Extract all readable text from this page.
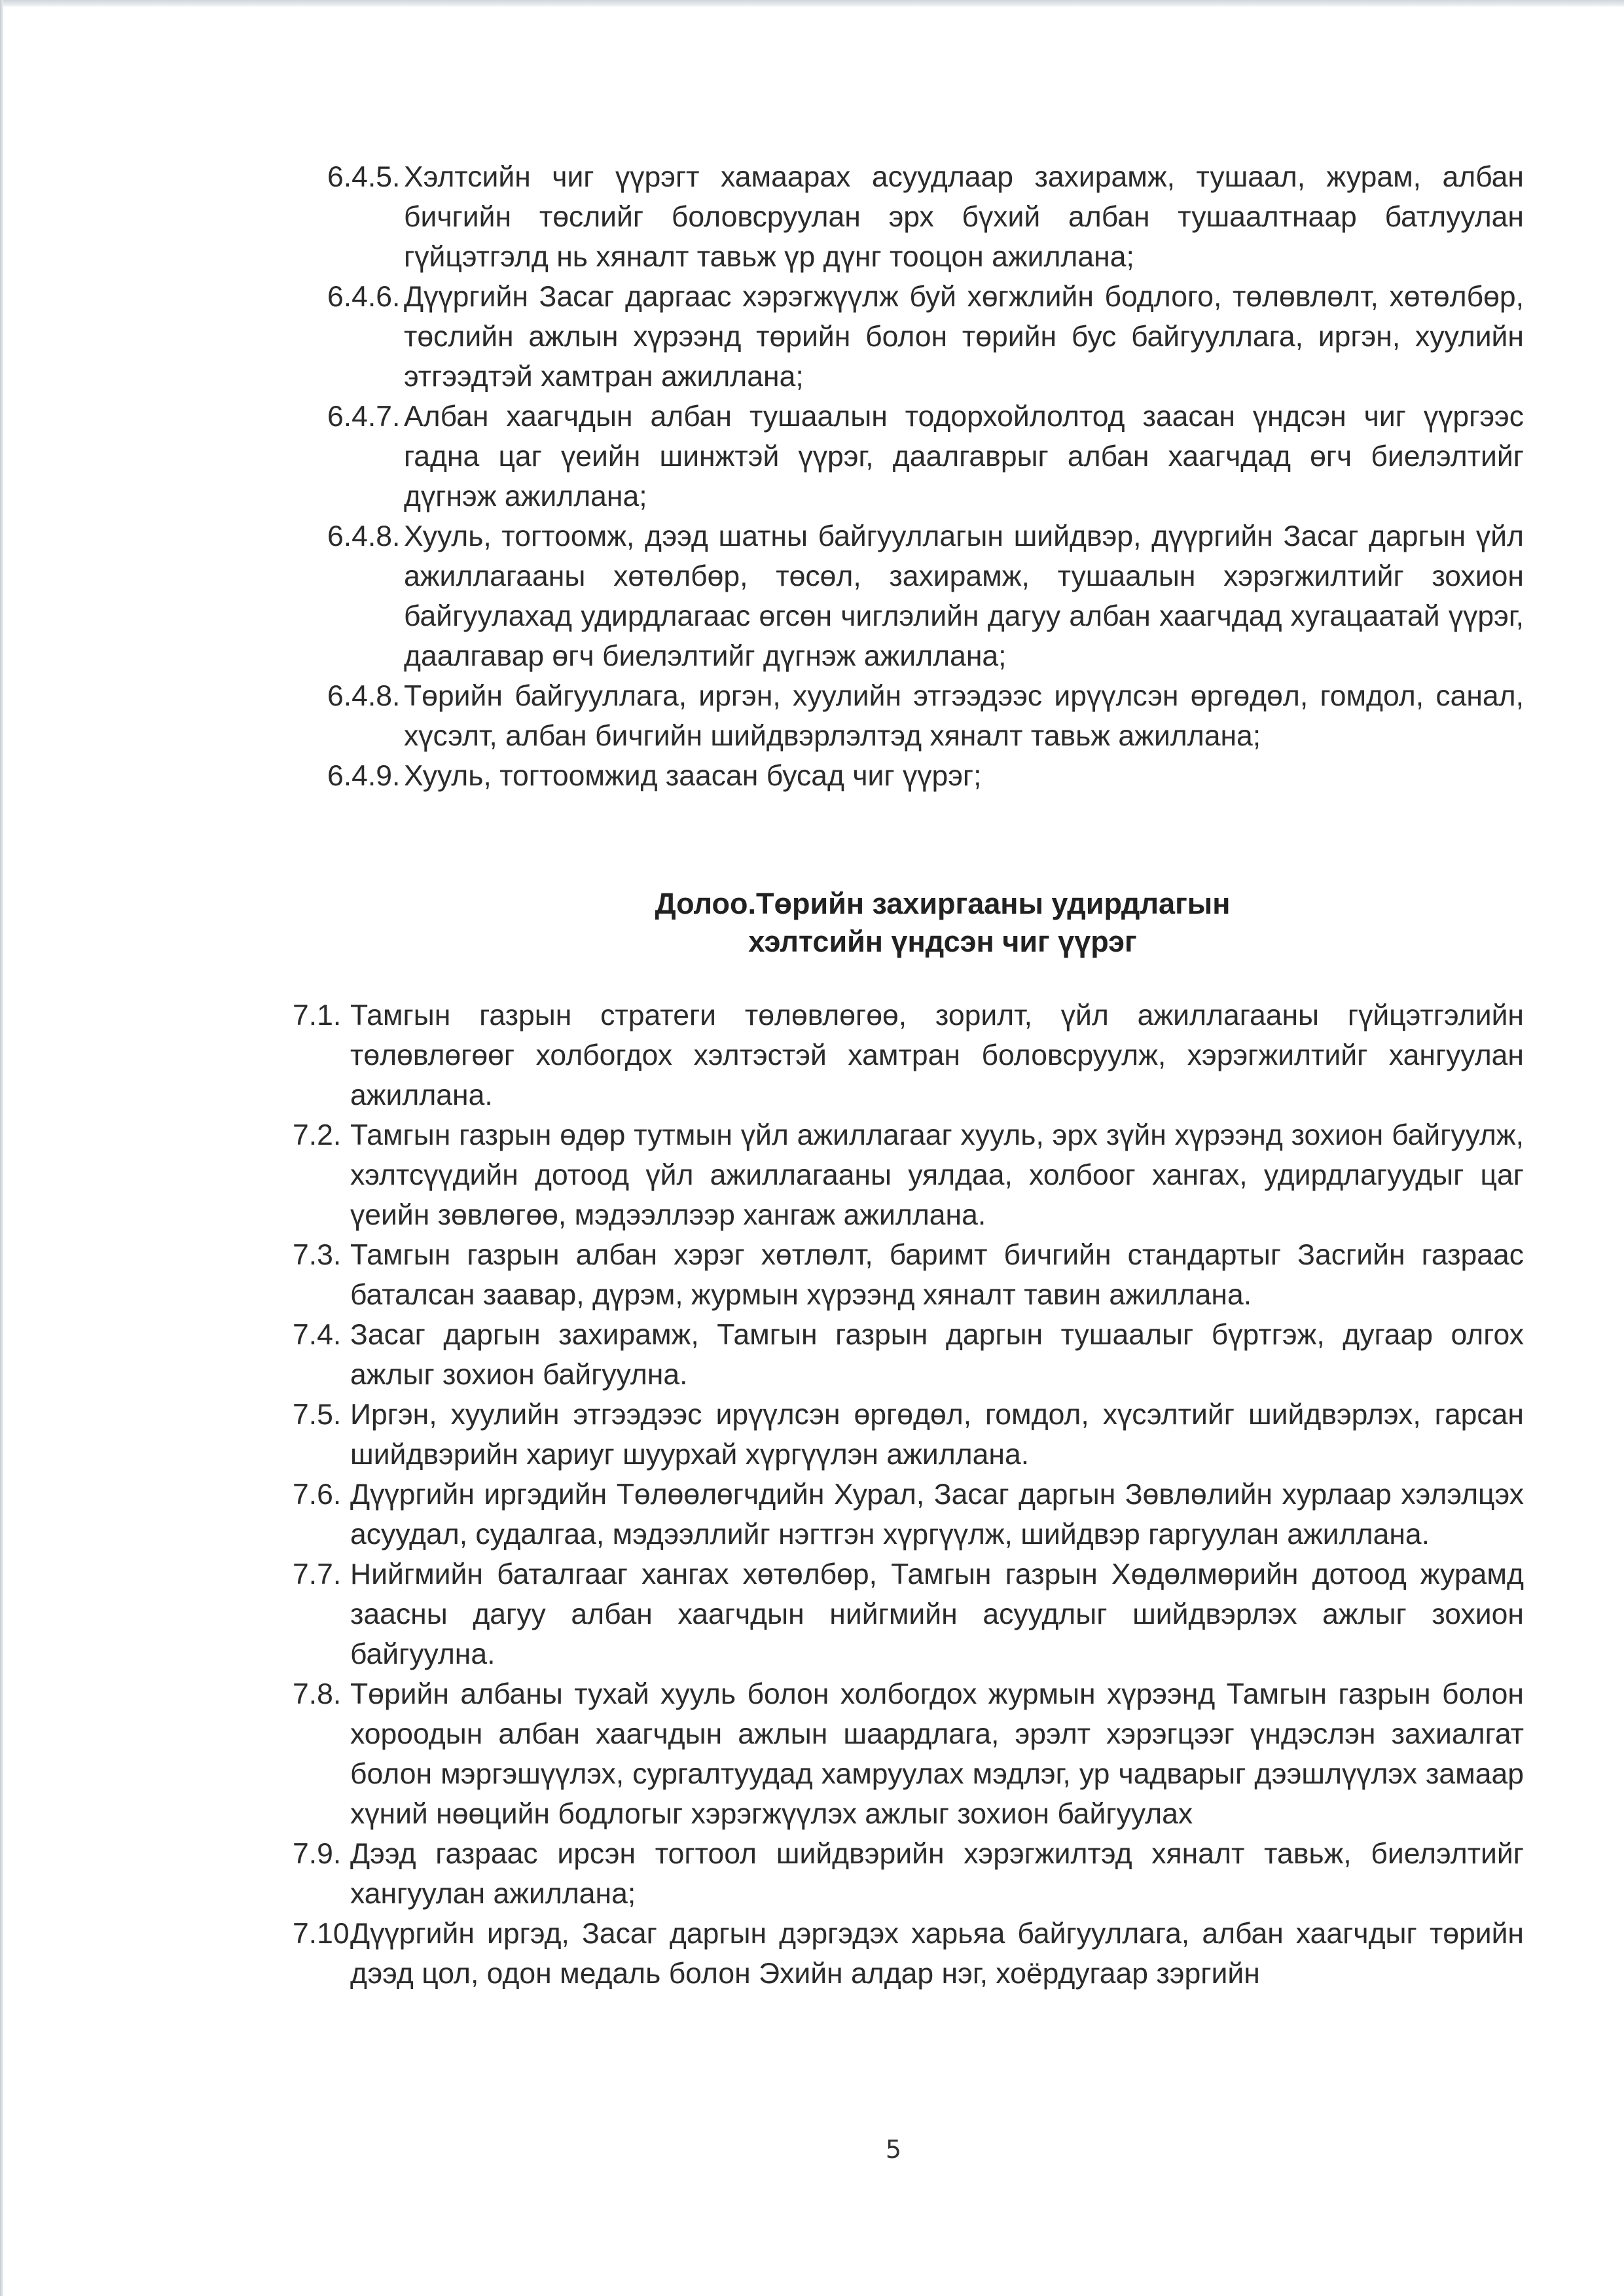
6.4.5. Хэлтсийн чиг үүрэгт хамаарах асуудлаар захирамж, тушаал, журам, албан бичгийн төслийг боловсруулан эрх бүхий албан тушаалтнаар батлуулан гүйцэтгэлд нь хяналт тавьж үр дүнг тооцон ажиллана;

6.4.6. Дүүргийн Засаг даргаас хэрэгжүүлж буй хөгжлийн бодлого, төлөвлөлт, хөтөлбөр, төслийн ажлын хүрээнд төрийн болон төрийн бус байгууллага, иргэн, хуулийн этгээдтэй хамтран ажиллана;

6.4.7. Албан хаагчдын албан тушаалын тодорхойлолтод заасан үндсэн чиг үүргээс гадна цаг үеийн шинжтэй үүрэг, даалгаврыг албан хаагчдад өгч биелэлтийг дүгнэж ажиллана;

6.4.8. Хууль, тогтоомж, дээд шатны байгууллагын шийдвэр, дүүргийн Засаг даргын үйл ажиллагааны хөтөлбөр, төсөл, захирамж, тушаалын хэрэгжилтийг зохион байгуулахад удирдлагаас өгсөн чиглэлийн дагуу албан хаагчдад хугацаатай үүрэг, даалгавар өгч биелэлтийг дүгнэж ажиллана;

6.4.8. Төрийн байгууллага, иргэн, хуулийн этгээдээс ирүүлсэн өргөдөл, гомдол, санал, хүсэлт, албан бичгийн шийдвэрлэлтэд хяналт тавьж ажиллана;

6.4.9. Хууль, тогтоомжид заасан бусад чиг үүрэг;

Долоо.Төрийн захиргааны удирдлагын
хэлтсийн үндсэн чиг үүрэг

7.1. Тамгын газрын стратеги төлөвлөгөө, зорилт, үйл ажиллагааны гүйцэтгэлийн төлөвлөгөөг холбогдох хэлтэстэй хамтран боловсруулж, хэрэгжилтийг хангуулан ажиллана.

7.2. Тамгын газрын өдөр тутмын үйл ажиллагааг хууль, эрх зүйн хүрээнд зохион байгуулж, хэлтсүүдийн дотоод үйл ажиллагааны уялдаа, холбоог хангах, удирдлагуудыг цаг үеийн зөвлөгөө, мэдээллээр хангаж ажиллана.

7.3. Тамгын газрын албан хэрэг хөтлөлт, баримт бичгийн стандартыг Засгийн газраас баталсан заавар, дүрэм, журмын хүрээнд хяналт тавин ажиллана.

7.4. Засаг даргын захирамж, Тамгын газрын даргын тушаалыг бүртгэж, дугаар олгох ажлыг зохион байгуулна.

7.5. Иргэн, хуулийн этгээдээс ирүүлсэн өргөдөл, гомдол, хүсэлтийг шийдвэрлэх, гарсан шийдвэрийн хариуг шуурхай хүргүүлэн ажиллана.

7.6. Дүүргийн иргэдийн Төлөөлөгчдийн Хурал, Засаг даргын Зөвлөлийн хурлаар хэлэлцэх асуудал, судалгаа, мэдээллийг нэгтгэн хүргүүлж, шийдвэр гаргуулан ажиллана.

7.7. Нийгмийн баталгааг хангах хөтөлбөр, Тамгын газрын Хөдөлмөрийн дотоод журамд заасны дагуу албан хаагчдын нийгмийн асуудлыг шийдвэрлэх ажлыг зохион байгуулна.

7.8. Төрийн албаны тухай хууль болон холбогдох журмын хүрээнд Тамгын газрын болон хороодын албан хаагчдын ажлын шаардлага, эрэлт хэрэгцээг үндэслэн захиалгат болон мэргэшүүлэх, сургалтуудад хамруулах мэдлэг, ур чадварыг дээшлүүлэх замаар хүний нөөцийн бодлогыг хэрэгжүүлэх ажлыг зохион байгуулах

7.9. Дээд газраас ирсэн тогтоол шийдвэрийн хэрэгжилтэд хяналт тавьж, биелэлтийг хангуулан ажиллана;

7.10.
Дүүргийн иргэд, Засаг даргын дэргэдэх харьяа байгууллага, албан хаагчдыг төрийн дээд цол, одон медаль болон Эхийн алдар нэг, хоёрдугаар зэргийн

5
